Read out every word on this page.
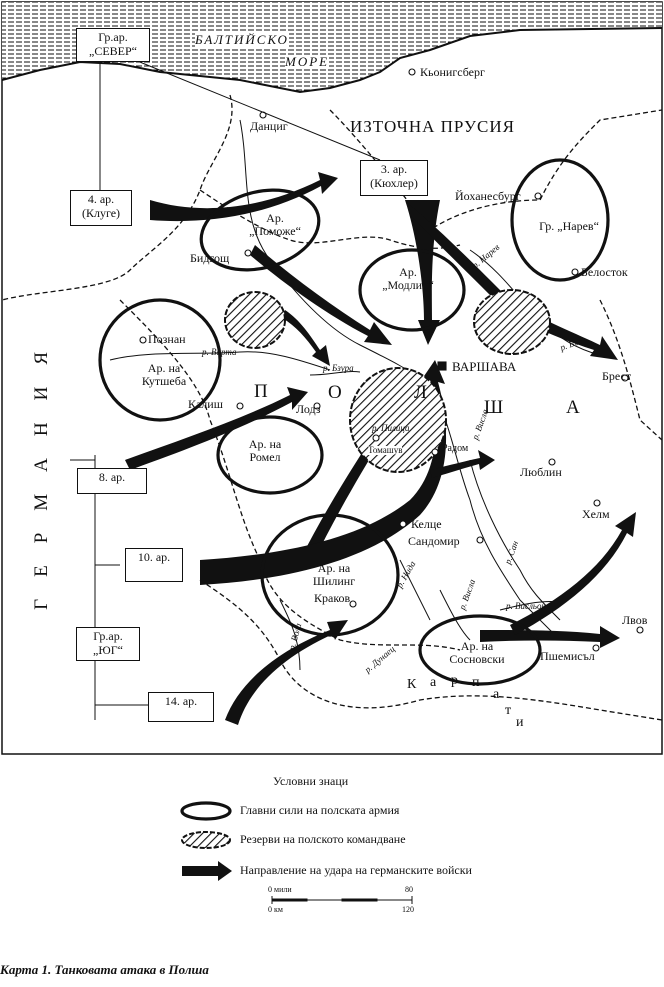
БАЛТИЙСКО
МОРЕ
ИЗТОЧНА ПРУСИЯ
П	О	Л
Ш	А
ГЕРМАНИЯ
К а р п
а
т
и
Кьонигсберг
Данциг
Йоханесбург
Белосток
Бидгощ
Познан
Калиш	Лодз
ВАРШАВА
Брест
Томашув	Радом
Люблин
Хелм
Келце
Сандомир
Краков
Лвов
Пшемисъл
р. Нарев
р. Бъг
р. Варта
р. Бзура
р. Пилица	р. Висла
р. Сан
р. Нида
р. Висла	р. Висльок
р. Дунаец
р. Вола
Гр.ар. „СЕВЕР“
4. ар. (Клуге)
3. ар. (Кюхлер)
8. ар.
10. ар.
Гр.ар. „ЮГ“
14. ар.
Ар. „Поможе“
Ар. „Модлин“
Гр. „Нарев“
Ар. на Кутшеба
Ар. на Ромел
Ар. на Шилинг
Ар. на Сосновски
Условни знаци
Главни сили на полската армия
Резерви на полското командване
Направление на удара на германските войски
0 мили	80
0 км	120
Карта 1. Танковата атака в Полша
